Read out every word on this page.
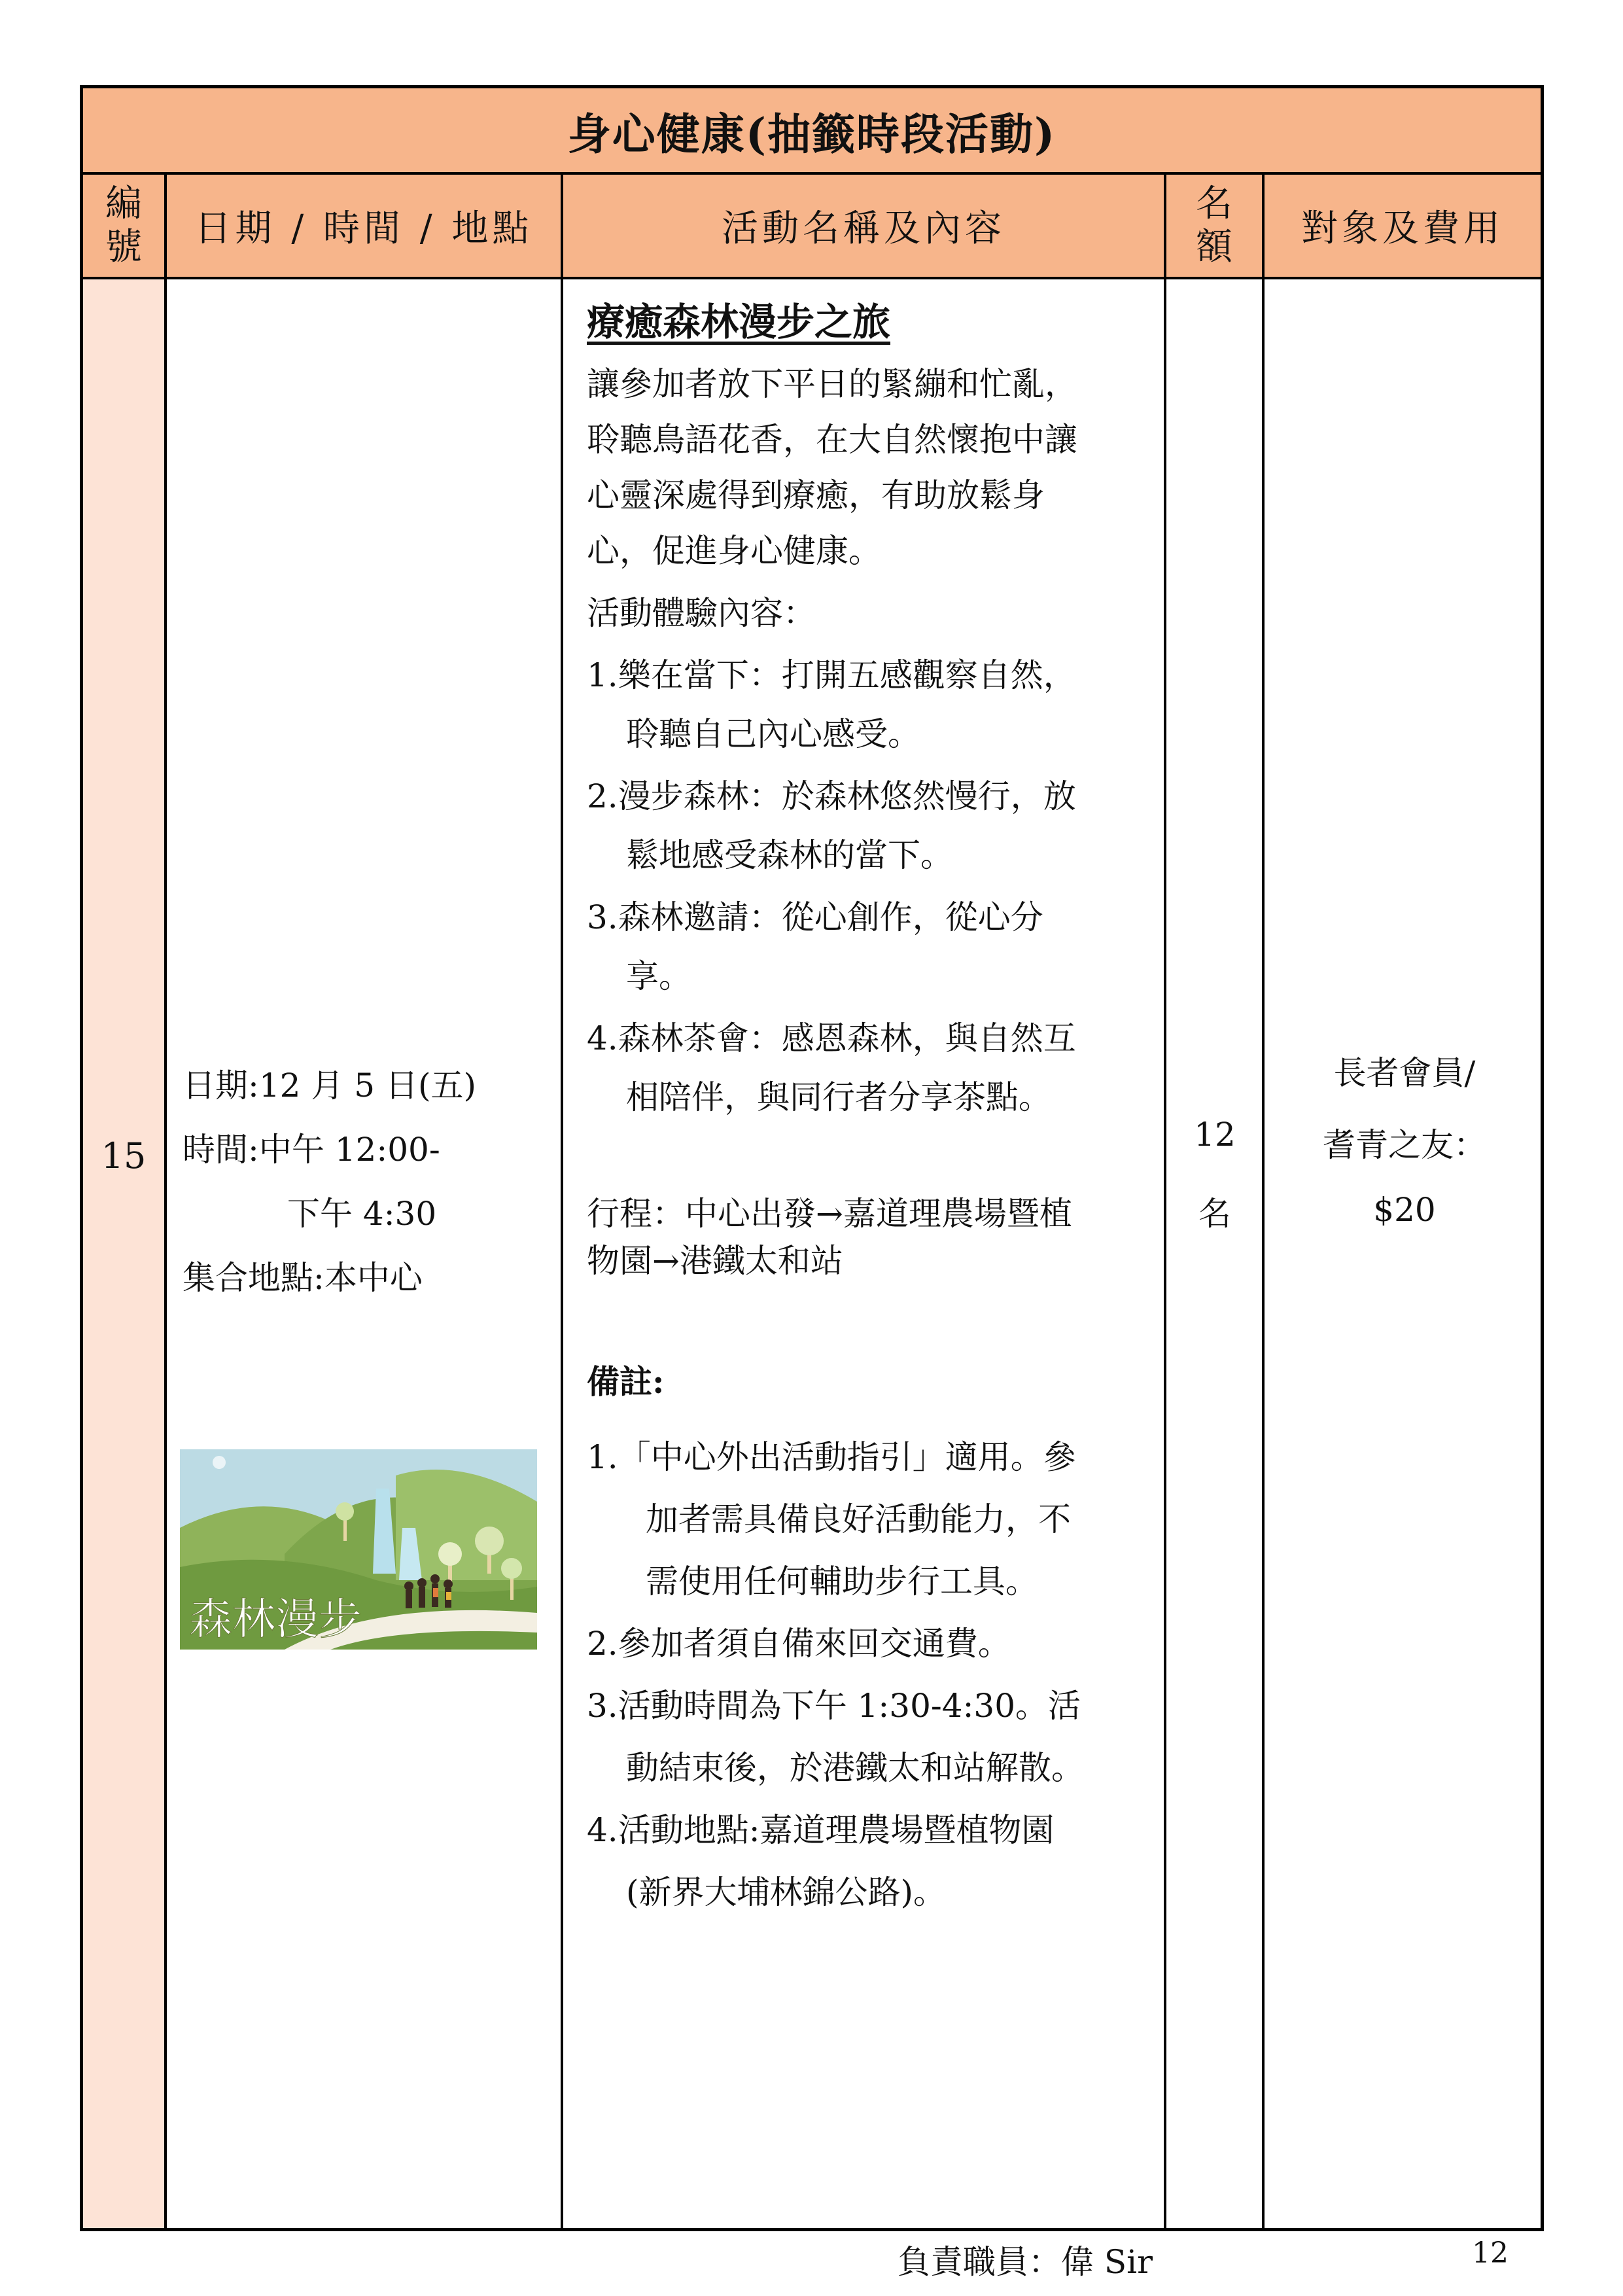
身心健康(抽籤時段活動)
編
號 日期 / 時間 / 地點	活動名稱及內容
名
額 對象及費用
15
日期:12 月 5 日(五)
時間:中午 12:00-
下午 4:30
集合地點:本中心
森林漫步
療癒森林漫步之旅
讓參加者放下平日的緊繃和忙亂，
聆聽鳥語花香，在大自然懷抱中讓
心靈深處得到療癒，有助放鬆身
心，促進身心健康。
活動體驗內容：
1.樂在當下：打開五感觀察自然，
聆聽自己內心感受。
2.漫步森林：於森林悠然慢行，放
鬆地感受森林的當下。
3.森林邀請：從心創作，從心分
享。
4.森林茶會：感恩森林，與自然互
相陪伴，與同行者分享茶點。
行程：中心出發→嘉道理農場暨植
物園→港鐵太和站
備註:
1.「中心外出活動指引」適用。參
加者需具備良好活動能力，不
需使用任何輔助步行工具。
2.參加者須自備來回交通費。
3.活動時間為下午 1:30-4:30。活
動結束後，於港鐵太和站解散。
4.活動地點:嘉道理農場暨植物園
(新界大埔林錦公路)。
負責職員：偉 Sir
12
名
長者會員/
耆青之友：
$20
12
